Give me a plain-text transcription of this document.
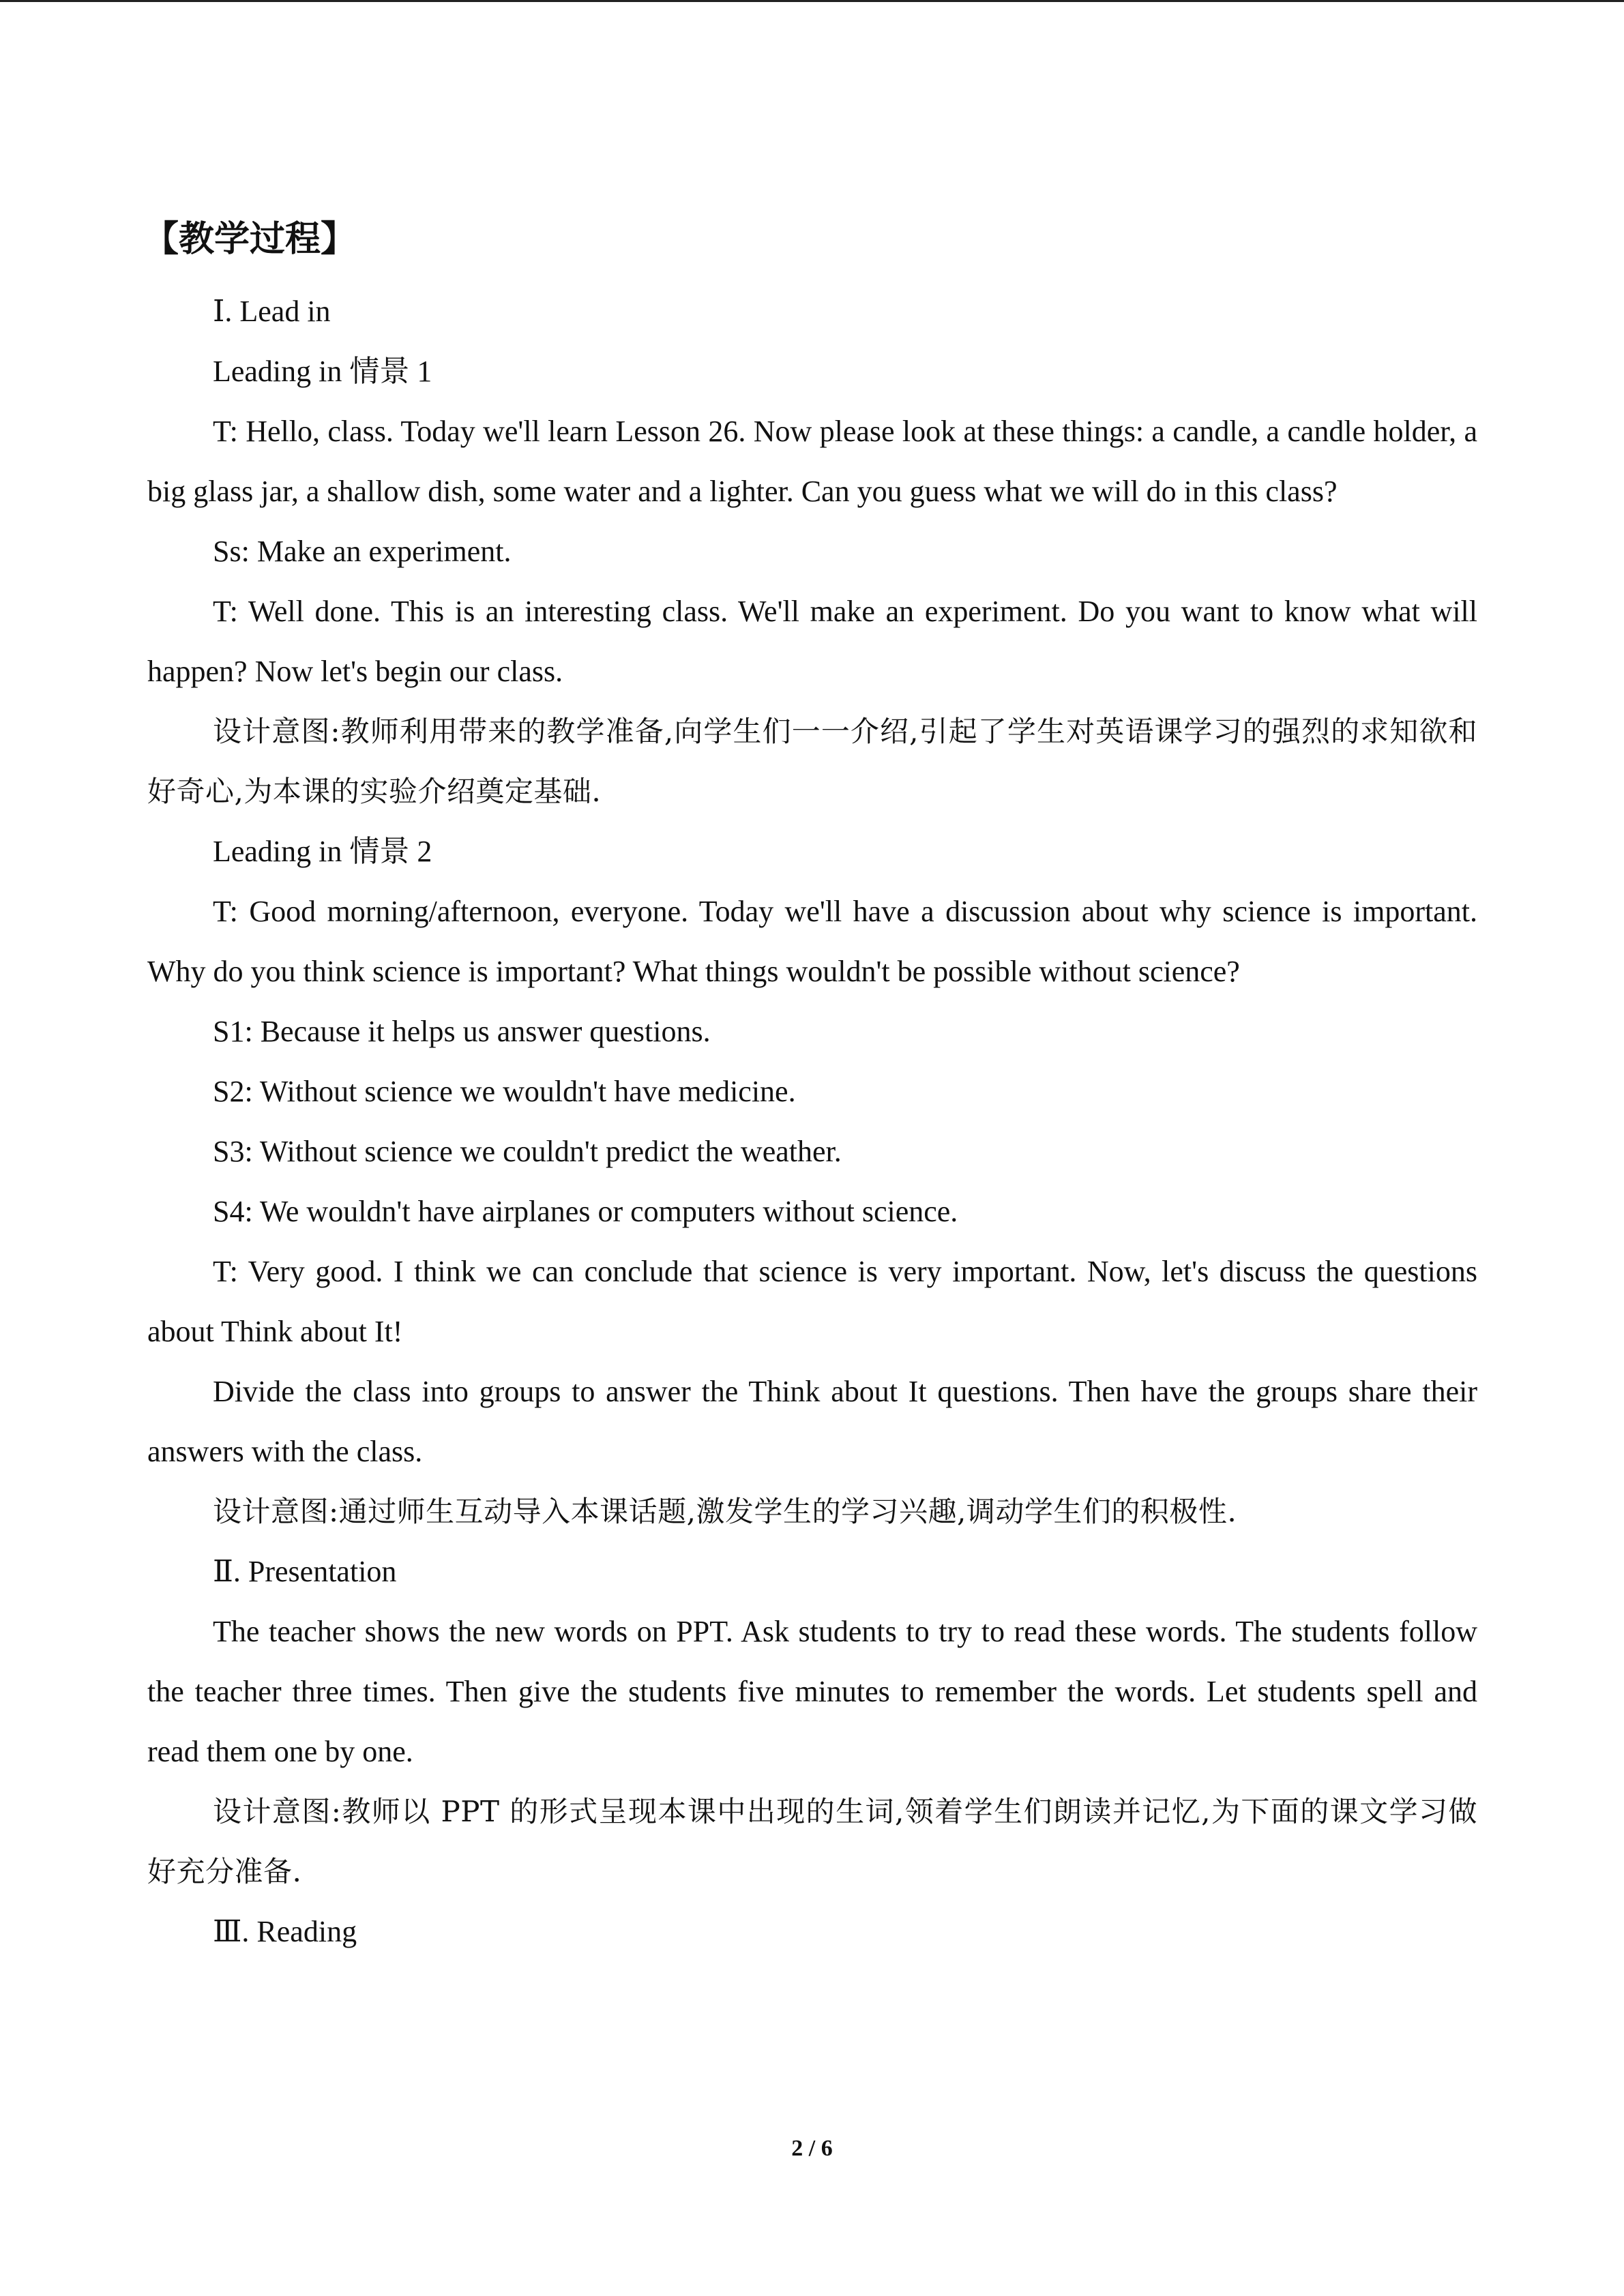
【教学过程】

Ⅰ. Lead in

Leading in 情景 1

T: Hello, class. Today we'll learn Lesson 26. Now please look at these things: a candle, a candle holder, a big glass jar, a shallow dish, some water and a lighter. Can you guess what we will do in this class?

Ss: Make an experiment.

T: Well done. This is an interesting class. We'll make an experiment. Do you want to know what will happen? Now let's begin our class.

设计意图:教师利用带来的教学准备,向学生们一一介绍,引起了学生对英语课学习的强烈的求知欲和好奇心,为本课的实验介绍奠定基础.

Leading in 情景 2

T: Good morning/afternoon, everyone. Today we'll have a discussion about why science is important. Why do you think science is important? What things wouldn't be possible without science?

S1: Because it helps us answer questions.

S2: Without science we wouldn't have medicine.

S3: Without science we couldn't predict the weather.

S4: We wouldn't have airplanes or computers without science.

T: Very good. I think we can conclude that science is very important. Now, let's discuss the questions about Think about It!

Divide the class into groups to answer the Think about It questions. Then have the groups share their answers with the class.

设计意图:通过师生互动导入本课话题,激发学生的学习兴趣,调动学生们的积极性.

Ⅱ. Presentation

The teacher shows the new words on PPT. Ask students to try to read these words. The students follow the teacher three times. Then give the students five minutes to remember the words. Let students spell and read them one by one.

设计意图:教师以 PPT 的形式呈现本课中出现的生词,领着学生们朗读并记忆,为下面的课文学习做好充分准备.

Ⅲ. Reading

2 / 6
